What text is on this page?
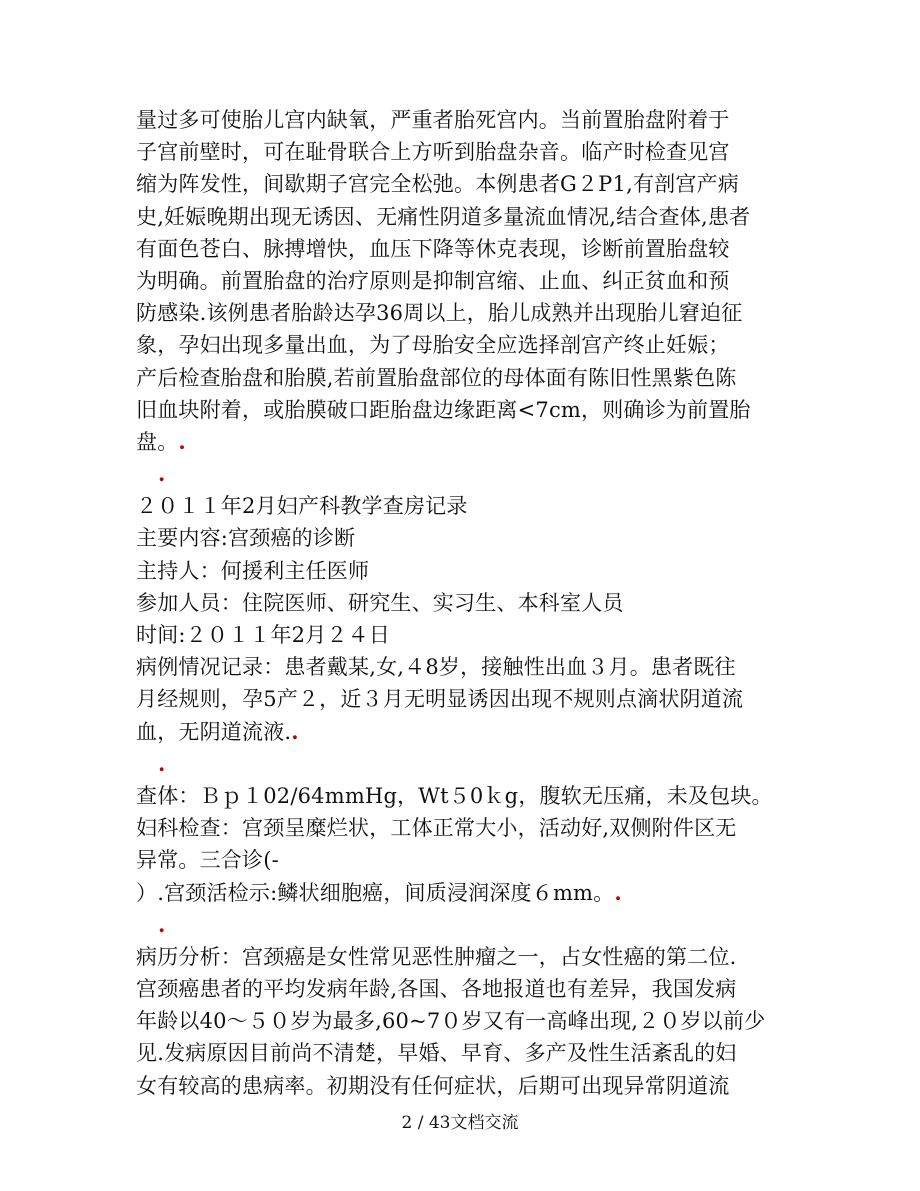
量过多可使胎儿宫内缺氧，严重者胎死宫内。当前置胎盘附着于
子宫前壁时，可在耻骨联合上方听到胎盘杂音。临产时检查见宫
缩为阵发性，间歇期子宫完全松弛。本例患者G２P1,有剖宫产病
史,妊娠晚期出现无诱因、无痛性阴道多量流血情况,结合查体,患者
有面色苍白、脉搏增快，血压下降等休克表现，诊断前置胎盘较
为明确。前置胎盘的治疗原则是抑制宫缩、止血、纠正贫血和预
防感染.该例患者胎龄达孕36周以上，胎儿成熟并出现胎儿窘迫征
象，孕妇出现多量出血，为了母胎安全应选择剖宫产终止妊娠；
产后检查胎盘和胎膜,若前置胎盘部位的母体面有陈旧性黑紫色陈
旧血块附着，或胎膜破口距胎盘边缘距离<7cm，则确诊为前置胎
盘。.
.
２０１１年2月妇产科教学查房记录
主要内容:宫颈癌的诊断
主持人：何援利主任医师
参加人员：住院医师、研究生、实习生、本科室人员
时间:２０１１年2月２４日
病例情况记录：患者戴某,女,４8岁，接触性出血３月。患者既往
月经规则，孕5产２，近３月无明显诱因出现不规则点滴状阴道流
血，无阴道流液..
.
查体：Ｂｐ１02/64mmHg，Wt５0ｋg，腹软无压痛，未及包块。
妇科检查：宫颈呈糜烂状，工体正常大小，活动好,双侧附件区无
异常。三合诊(-
）.宫颈活检示:鳞状细胞癌，间质浸润深度６mm。.
.
病历分析：宫颈癌是女性常见恶性肿瘤之一，占女性癌的第二位.
宫颈癌患者的平均发病年龄,各国、各地报道也有差异，我国发病
年龄以40～５０岁为最多,60~7０岁又有一高峰出现,２０岁以前少
见.发病原因目前尚不清楚，早婚、早育、多产及性生活紊乱的妇
女有较高的患病率。初期没有任何症状，后期可出现异常阴道流
2 / 43文档交流
